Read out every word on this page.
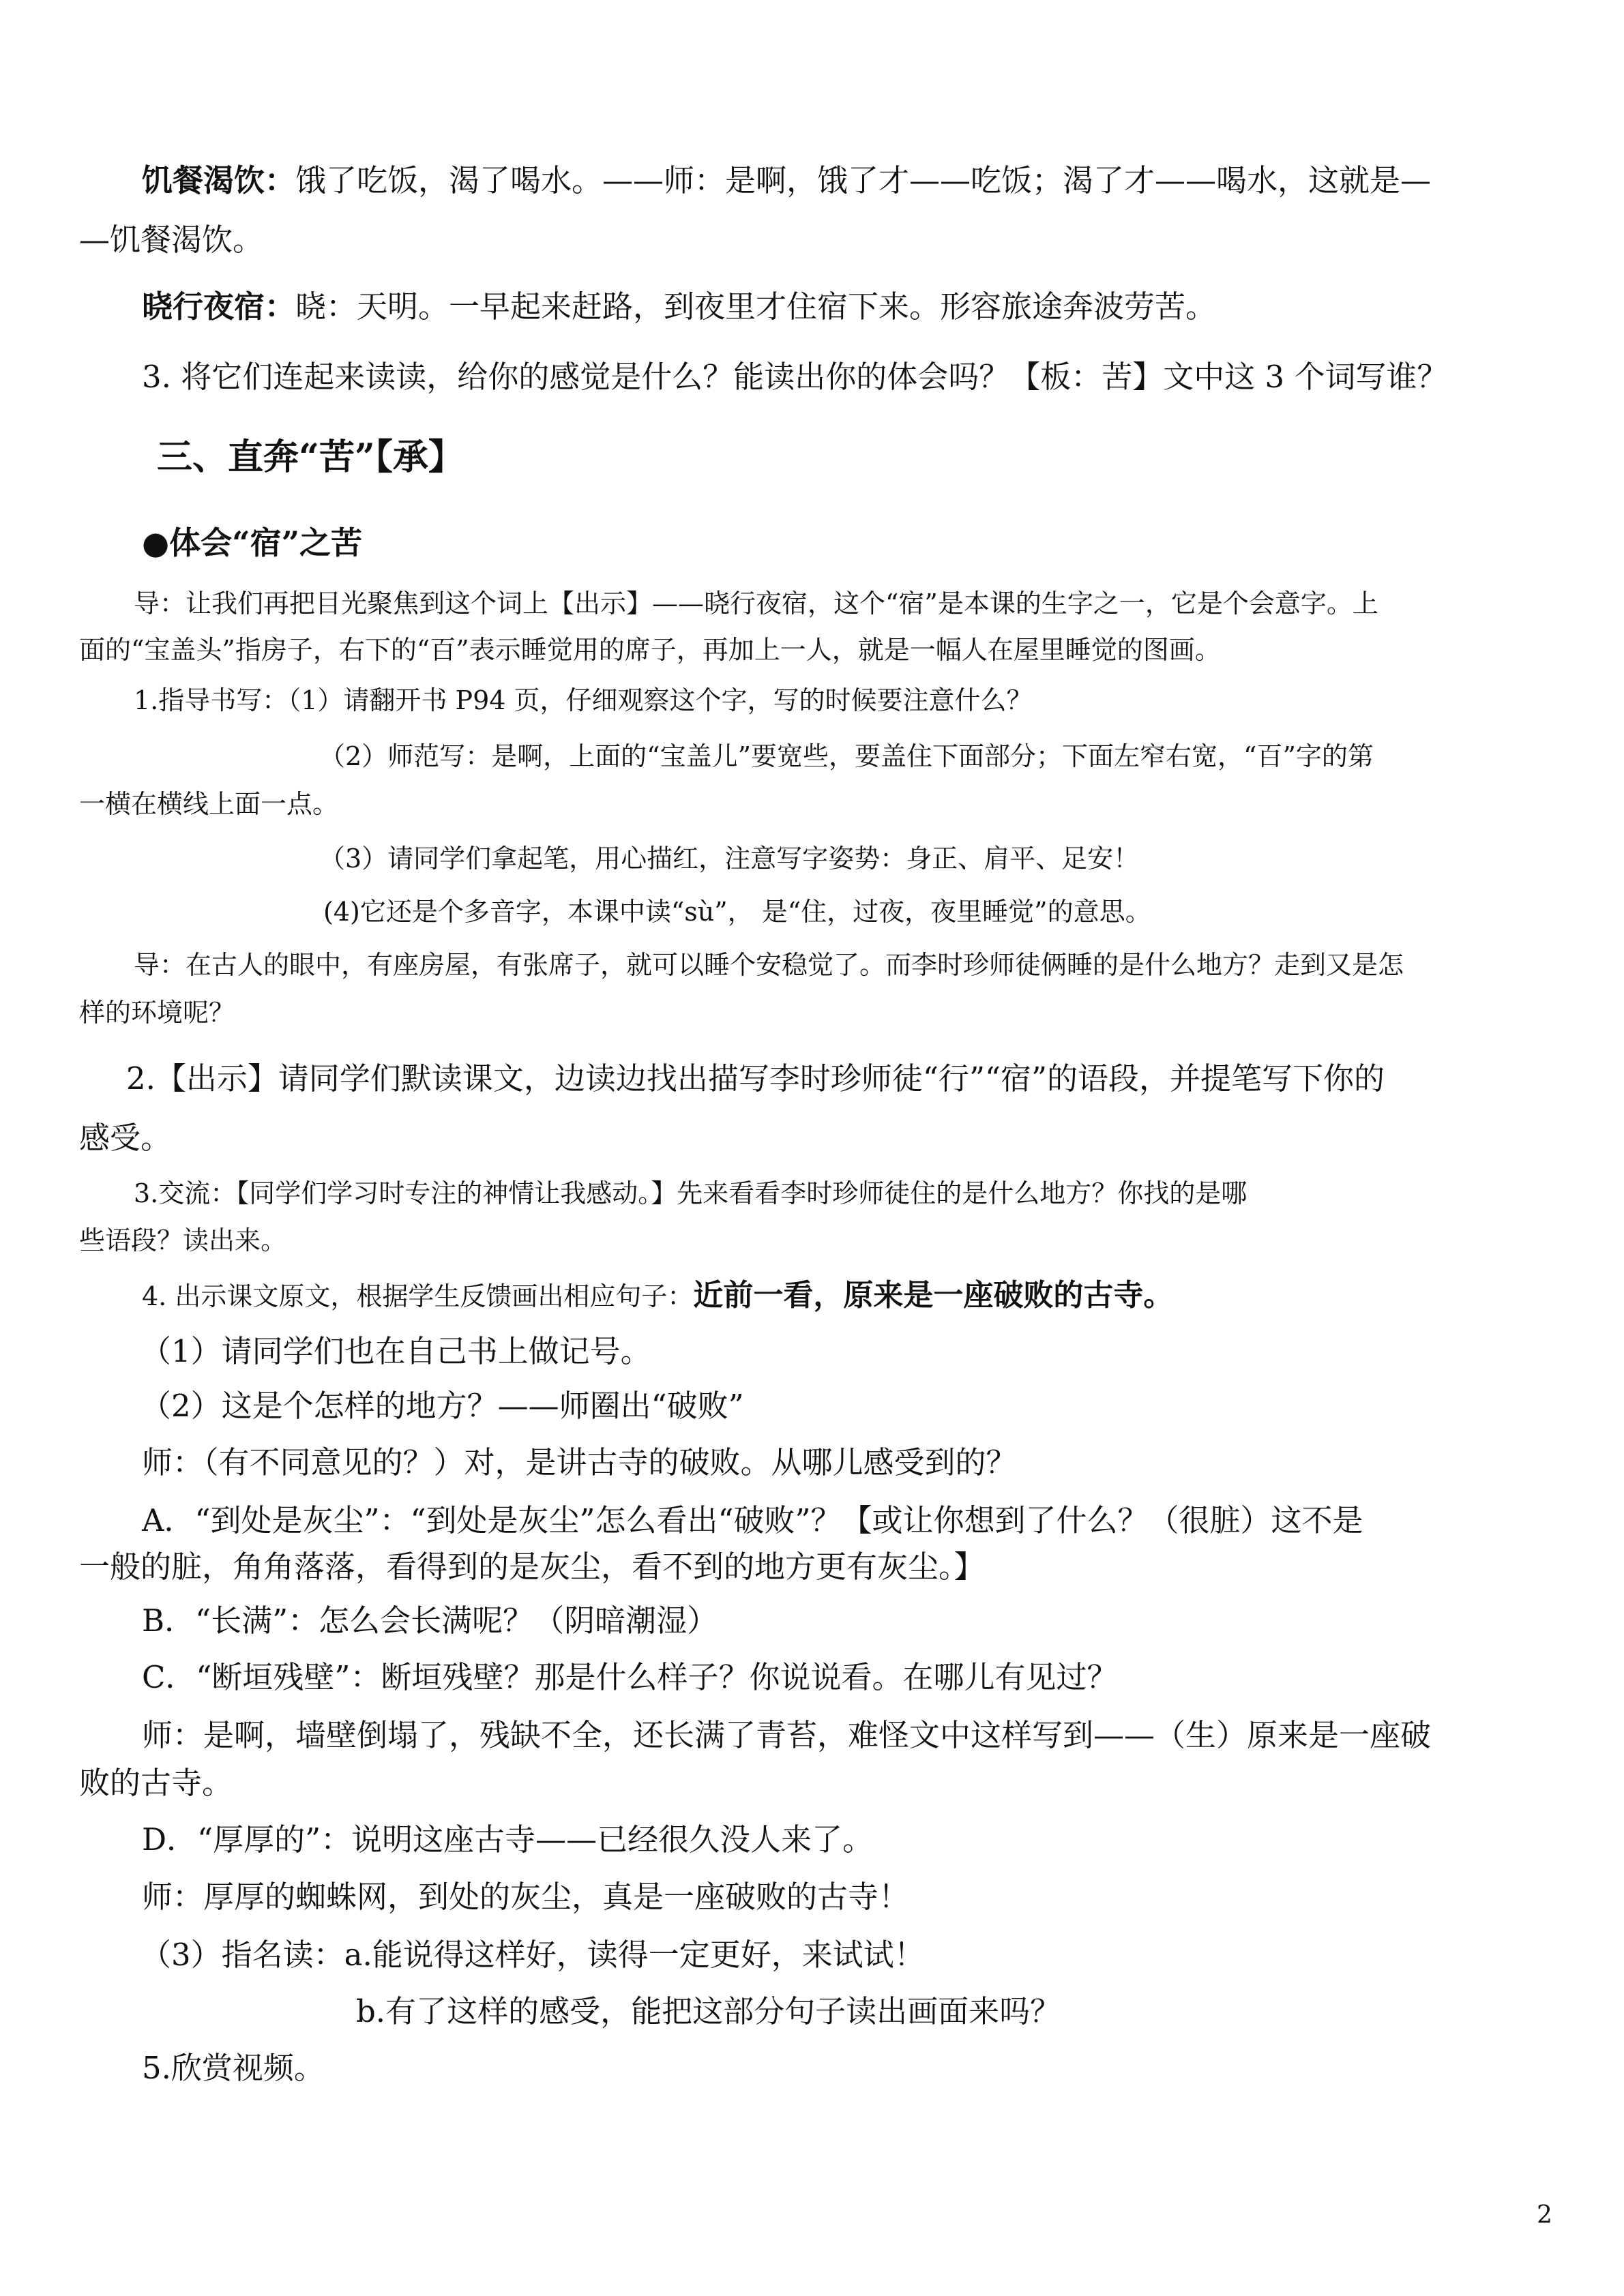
饥餐渴饮：饿了吃饭，渴了喝水。——师：是啊，饿了才——吃饭；渴了才——喝水，这就是—
—饥餐渴饮。
晓行夜宿：晓：天明。一早起来赶路，到夜里才住宿下来。形容旅途奔波劳苦。
3. 将它们连起来读读，给你的感觉是什么？能读出你的体会吗？【板：苦】文中这 3 个词写谁？
三、直奔“苦”【承】
●体会“宿”之苦
导：让我们再把目光聚焦到这个词上【出示】——晓行夜宿，这个“宿”是本课的生字之一，它是个会意字。上
面的“宝盖头”指房子，右下的“百”表示睡觉用的席子，再加上一人，就是一幅人在屋里睡觉的图画。
1.指导书写：（1）请翻开书 P94 页，仔细观察这个字，写的时候要注意什么？
（2）师范写：是啊，上面的“宝盖儿”要宽些，要盖住下面部分；下面左窄右宽，“百”字的第
一横在横线上面一点。
（3）请同学们拿起笔，用心描红，注意写字姿势：身正、肩平、足安！
(4)它还是个多音字，本课中读“sù”， 是“住，过夜，夜里睡觉”的意思。
导：在古人的眼中，有座房屋，有张席子，就可以睡个安稳觉了。而李时珍师徒俩睡的是什么地方？走到又是怎
样的环境呢？
2.【出示】请同学们默读课文，边读边找出描写李时珍师徒“行”“宿”的语段，并提笔写下你的
感受。
3.交流：【同学们学习时专注的神情让我感动。】先来看看李时珍师徒住的是什么地方？你找的是哪
些语段？读出来。
4. 出示课文原文，根据学生反馈画出相应句子：近前一看，原来是一座破败的古寺。
（1）请同学们也在自己书上做记号。
（2）这是个怎样的地方？——师圈出“破败”
师：（有不同意见的？）对，是讲古寺的破败。从哪儿感受到的？
A．“到处是灰尘”：“到处是灰尘”怎么看出“破败”？【或让你想到了什么？（很脏）这不是
一般的脏，角角落落，看得到的是灰尘，看不到的地方更有灰尘。】
B．“长满”：怎么会长满呢？（阴暗潮湿）
C．“断垣残壁”：断垣残壁？那是什么样子？你说说看。在哪儿有见过？
师：是啊，墙壁倒塌了，残缺不全，还长满了青苔，难怪文中这样写到——（生）原来是一座破
败的古寺。
D．“厚厚的”：说明这座古寺——已经很久没人来了。
师：厚厚的蜘蛛网，到处的灰尘，真是一座破败的古寺！
（3）指名读：a.能说得这样好，读得一定更好，来试试！
b.有了这样的感受，能把这部分句子读出画面来吗？
5.欣赏视频。
2
